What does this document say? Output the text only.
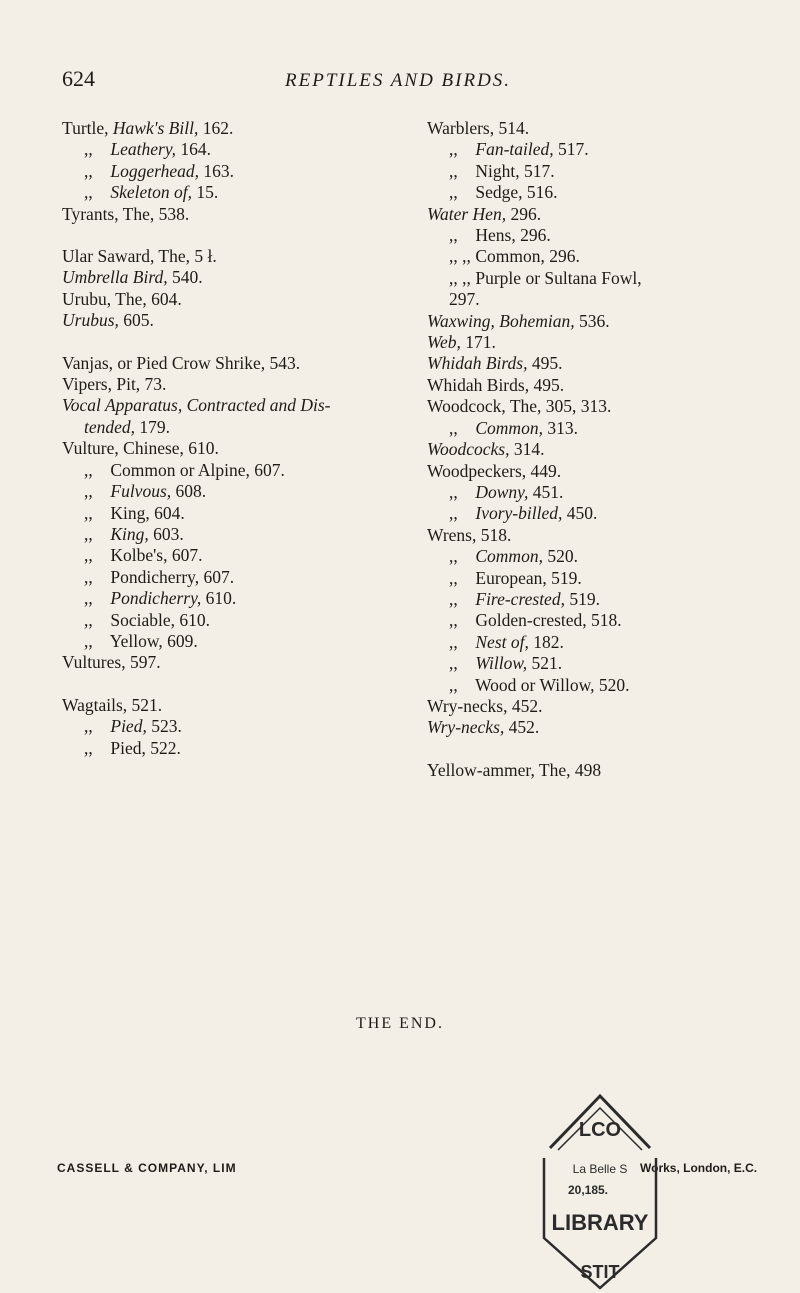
624	REPTILES AND BIRDS.
Turtle, Hawk's Bill, 162.
,, Leathery, 164.
,, Loggerhead, 163.
,, Skeleton of, 15.
Tyrants, The, 538.
Ular Saward, The, 5 ł.
Umbrella Bird, 540.
Urubu, The, 604.
Urubus, 605.
Vanjas, or Pied Crow Shrike, 543.
Vipers, Pit, 73.
Vocal Apparatus, Contracted and Dis-
tended, 179.
Vulture, Chinese, 610.
,, Common or Alpine, 607.
,, Fulvous, 608.
,, King, 604.
,, King, 603.
,, Kolbe's, 607.
,, Pondicherry, 607.
,, Pondicherry, 610.
,, Sociable, 610.
,, Yellow, 609.
Vultures, 597.
Wagtails, 521.
,, Pied, 523.
,, Pied, 522.
Warblers, 514.
,, Fan-tailed, 517.
,, Night, 517.
,, Sedge, 516.
Water Hen, 296.
,, Hens, 296.
,, ,, Common, 296.
,, ,, Purple or Sultana Fowl,
297.
Waxwing, Bohemian, 536.
Web, 171.
Whidah Birds, 495.
Whidah Birds, 495.
Woodcock, The, 305, 313.
,, Common, 313.
Woodcocks, 314.
Woodpeckers, 449.
,, Downy, 451.
,, Ivory-billed, 450.
Wrens, 518.
,, Common, 520.
,, European, 519.
,, Fire-crested, 519.
,, Golden-crested, 518.
,, Nest of, 182.
,, Willow, 521.
,, Wood or Willow, 520.
Wry-necks, 452.
Wry-necks, 452.
Yellow-ammer, The, 498
THE END.
CASSELL & COMPANY, LIM	Works, London, E.C.
LCO
La Belle S
20,185.
LIBRARY
STIT
